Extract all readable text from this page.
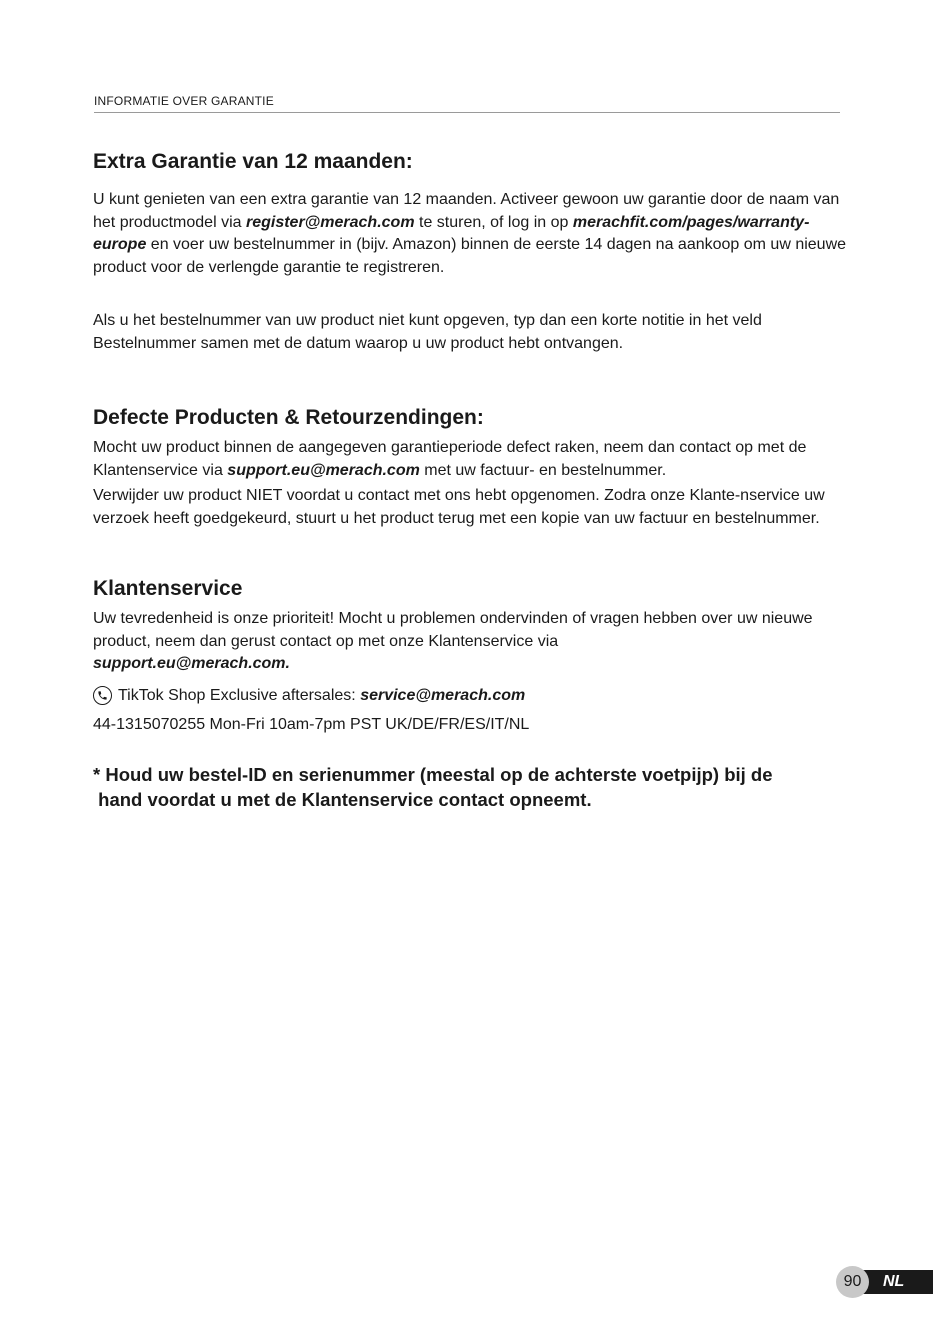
INFORMATIE OVER GARANTIE
Extra Garantie van 12 maanden:

U kunt genieten van een extra garantie van 12 maanden. Activeer gewoon uw garantie door de naam van het productmodel via register@merach.com te sturen, of log in op merachfit.com/pages/warranty-europe en voer uw bestelnummer in (bijv. Amazon) binnen de eerste 14 dagen na aankoop om uw nieuwe product voor de verlengde garantie te registreren.

Als u het bestelnummer van uw product niet kunt opgeven, typ dan een korte notitie in het veld Bestelnummer samen met de datum waarop u uw product hebt ontvangen.

Defecte Producten & Retourzendingen:

Mocht uw product binnen de aangegeven garantieperiode defect raken, neem dan contact op met de Klantenservice via support.eu@merach.com met uw factuur- en bestelnummer.

Verwijder uw product NIET voordat u contact met ons hebt opgenomen. Zodra onze Klante-nservice uw verzoek heeft goedgekeurd, stuurt u het product terug met een kopie van uw factuur en bestelnummer.

Klantenservice

Uw tevredenheid is onze prioriteit! Mocht u problemen ondervinden of vragen hebben over uw nieuwe product, neem dan gerust contact op met onze Klantenservice via
support.eu@merach.com.

TikTok Shop Exclusive aftersales:
service@merach.com

44-1315070255 Mon-Fri 10am-7pm PST UK/DE/FR/ES/IT/NL

* Houd uw bestel-ID en serienummer (meestal op de achterste voetpijp) bij de
hand voordat u met de Klantenservice contact opneemt.
90	NL
